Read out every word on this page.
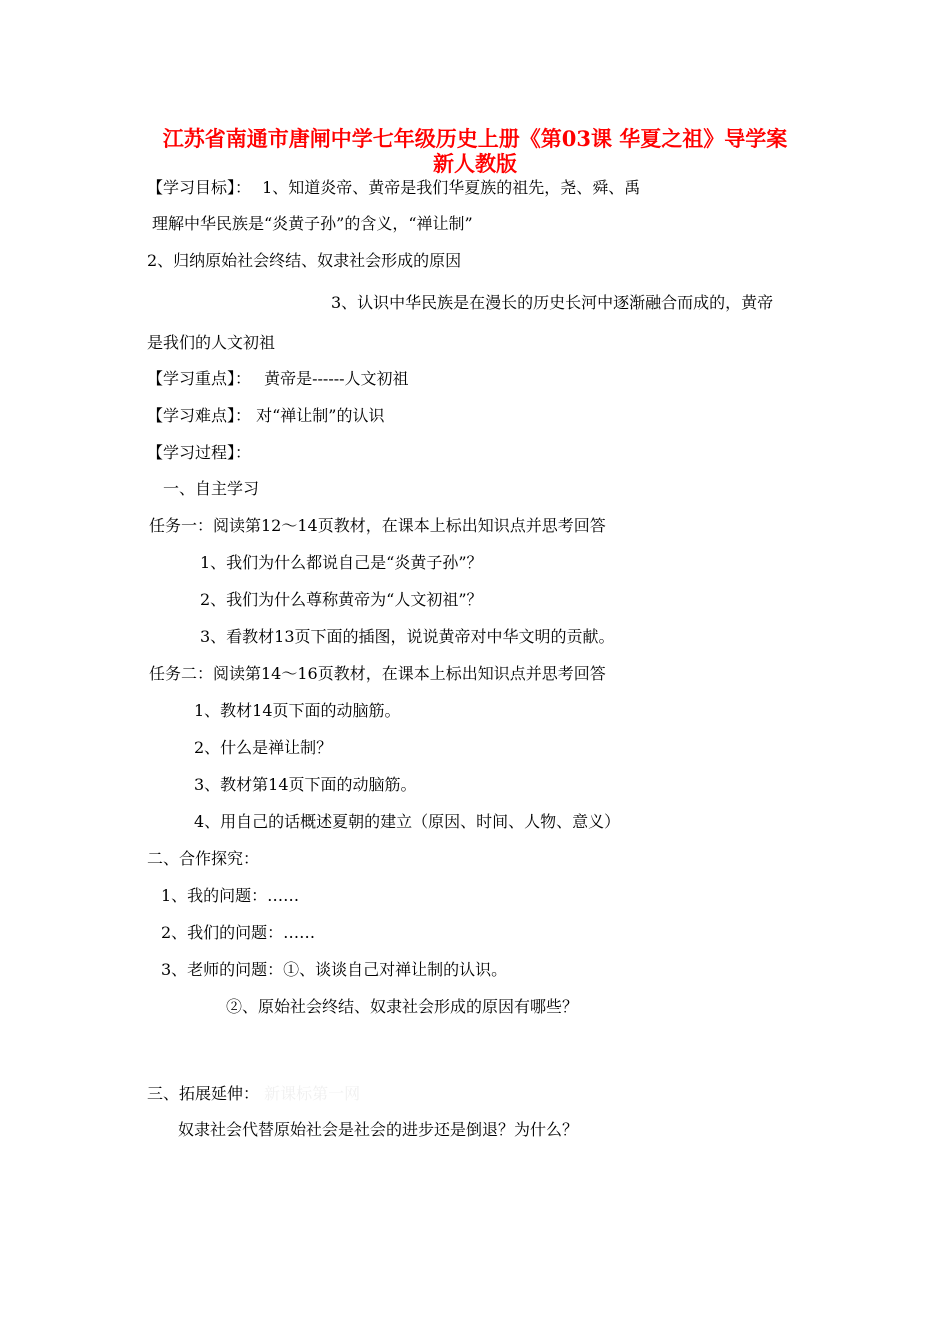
江苏省南通市唐闸中学七年级历史上册《第03课 华夏之祖》导学案
新人教版
【学习目标】： 1、知道炎帝、黄帝是我们华夏族的祖先，尧、舜、禹
理解中华民族是“炎黄子孙”的含义，“禅让制”
2、归纳原始社会终结、奴隶社会形成的原因
3、认识中华民族是在漫长的历史长河中逐渐融合而成的，黄帝
是我们的人文初祖
【学习重点】： 黄帝是------人文初祖
【学习难点】： 对“禅让制”的认识
【学习过程】：
一、自主学习
任务一：阅读第12～14页教材，在课本上标出知识点并思考回答
1、我们为什么都说自己是“炎黄子孙”？
2、我们为什么尊称黄帝为“人文初祖”？
3、看教材13页下面的插图，说说黄帝对中华文明的贡献。
任务二：阅读第14～16页教材，在课本上标出知识点并思考回答
1、教材14页下面的动脑筋。
2、什么是禅让制？
3、教材第14页下面的动脑筋。
4、用自己的话概述夏朝的建立（原因、时间、人物、意义）
二、合作探究：
1、我的问题：……
2、我们的问题：……
3、老师的问题：①、谈谈自己对禅让制的认识。
②、原始社会终结、奴隶社会形成的原因有哪些？
三、拓展延伸： 新课标第一网
奴隶社会代替原始社会是社会的进步还是倒退？为什么？
